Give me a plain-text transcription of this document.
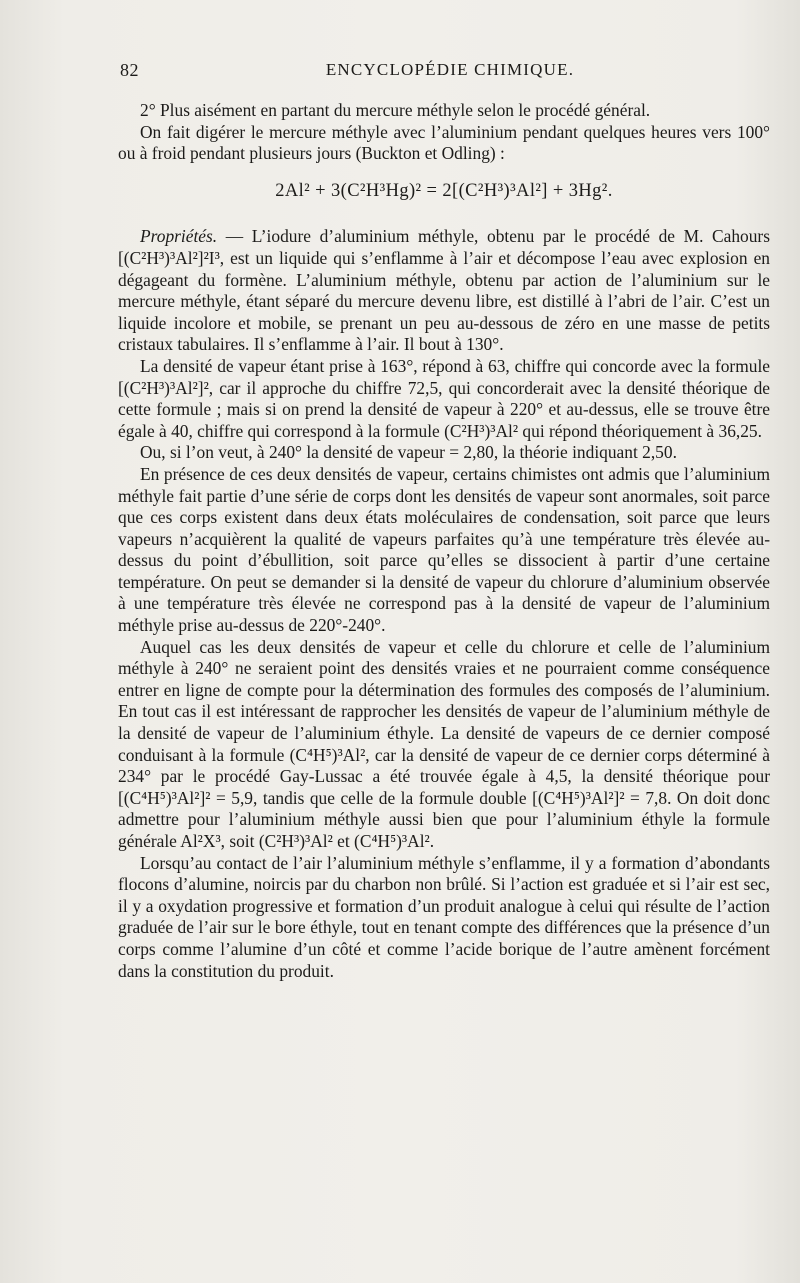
82	ENCYCLOPÉDIE CHIMIQUE.

2° Plus aisément en partant du mercure méthyle selon le procédé général.

On fait digérer le mercure méthyle avec l’aluminium pendant quelques heures vers 100° ou à froid pendant plusieurs jours (Buckton et Odling) :

2Al² + 3(C²H³Hg)² = 2[(C²H³)³Al²] + 3Hg².

Propriétés. — L’iodure d’aluminium méthyle, obtenu par le procédé de M. Cahours [(C²H³)³Al²]²I³, est un liquide qui s’enflamme à l’air et décompose l’eau avec explosion en dégageant du formène. L’aluminium méthyle, obtenu par action de l’aluminium sur le mercure méthyle, étant séparé du mercure devenu libre, est distillé à l’abri de l’air. C’est un liquide incolore et mobile, se prenant un peu au-dessous de zéro en une masse de petits cristaux tabulaires. Il s’enflamme à l’air. Il bout à 130°.

La densité de vapeur étant prise à 163°, répond à 63, chiffre qui concorde avec la formule [(C²H³)³Al²]², car il approche du chiffre 72,5, qui concorderait avec la densité théorique de cette formule ; mais si on prend la densité de vapeur à 220° et au-dessus, elle se trouve être égale à 40, chiffre qui correspond à la formule (C²H³)³Al² qui répond théoriquement à 36,25.

Ou, si l’on veut, à 240° la densité de vapeur = 2,80, la théorie indiquant 2,50.

En présence de ces deux densités de vapeur, certains chimistes ont admis que l’aluminium méthyle fait partie d’une série de corps dont les densités de vapeur sont anormales, soit parce que ces corps existent dans deux états moléculaires de condensation, soit parce que leurs vapeurs n’acquièrent la qualité de vapeurs parfaites qu’à une température très élevée au-dessus du point d’ébullition, soit parce qu’elles se dissocient à partir d’une certaine température. On peut se demander si la densité de vapeur du chlorure d’aluminium observée à une température très élevée ne correspond pas à la densité de vapeur de l’aluminium méthyle prise au-dessus de 220°-240°.

Auquel cas les deux densités de vapeur et celle du chlorure et celle de l’aluminium méthyle à 240° ne seraient point des densités vraies et ne pourraient comme conséquence entrer en ligne de compte pour la détermination des formules des composés de l’aluminium. En tout cas il est intéressant de rapprocher les densités de vapeur de l’aluminium méthyle de la densité de vapeur de l’aluminium éthyle. La densité de vapeurs de ce dernier composé conduisant à la formule (C⁴H⁵)³Al², car la densité de vapeur de ce dernier corps déterminé à 234° par le procédé Gay-Lussac a été trouvée égale à 4,5, la densité théorique pour [(C⁴H⁵)³Al²]² = 5,9, tandis que celle de la formule double [(C⁴H⁵)³Al²]² = 7,8. On doit donc admettre pour l’aluminium méthyle aussi bien que pour l’aluminium éthyle la formule générale Al²X³, soit (C²H³)³Al² et (C⁴H⁵)³Al².

Lorsqu’au contact de l’air l’aluminium méthyle s’enflamme, il y a formation d’abondants flocons d’alumine, noircis par du charbon non brûlé. Si l’action est graduée et si l’air est sec, il y a oxydation progressive et formation d’un produit analogue à celui qui résulte de l’action graduée de l’air sur le bore éthyle, tout en tenant compte des différences que la présence d’un corps comme l’alumine d’un côté et comme l’acide borique de l’autre amènent forcément dans la constitution du produit.
